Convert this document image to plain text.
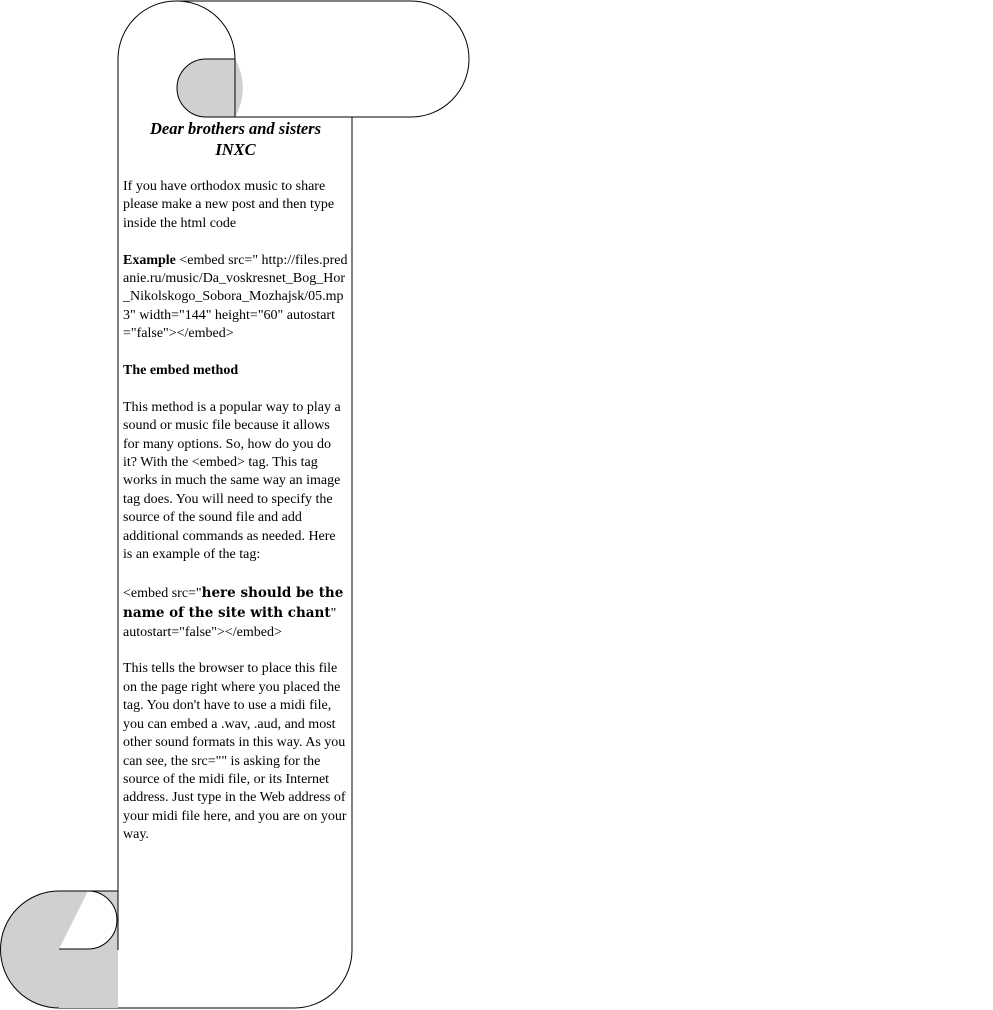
Dear brothers and sisters
INXC

If you have orthodox music to share please make a new post and then type inside the html code

Example <embed src=" http://files.predanie.ru/music/Da_voskresnet_Bog_Hor_Nikolskogo_Sobora_Mozhajsk/05.mp3" width="144" height="60" autostart="false"></embed>

The embed method

This method is a popular way to play a sound or music file because it allows for many options. So, how do you do it? With the <embed> tag. This tag works in much the same way an image tag does. You will need to specify the source of the sound file and add additional commands as needed. Here is an example of the tag:

<embed src="here should be the name of the site with chant"
autostart="false"></embed>

This tells the browser to place this file on the page right where you placed the tag. You don't have to use a midi file, you can embed a .wav, .aud, and most other sound formats in this way. As you can see, the src="" is asking for the source of the midi file, or its Internet address. Just type in the Web address of your midi file here, and you are on your way.
